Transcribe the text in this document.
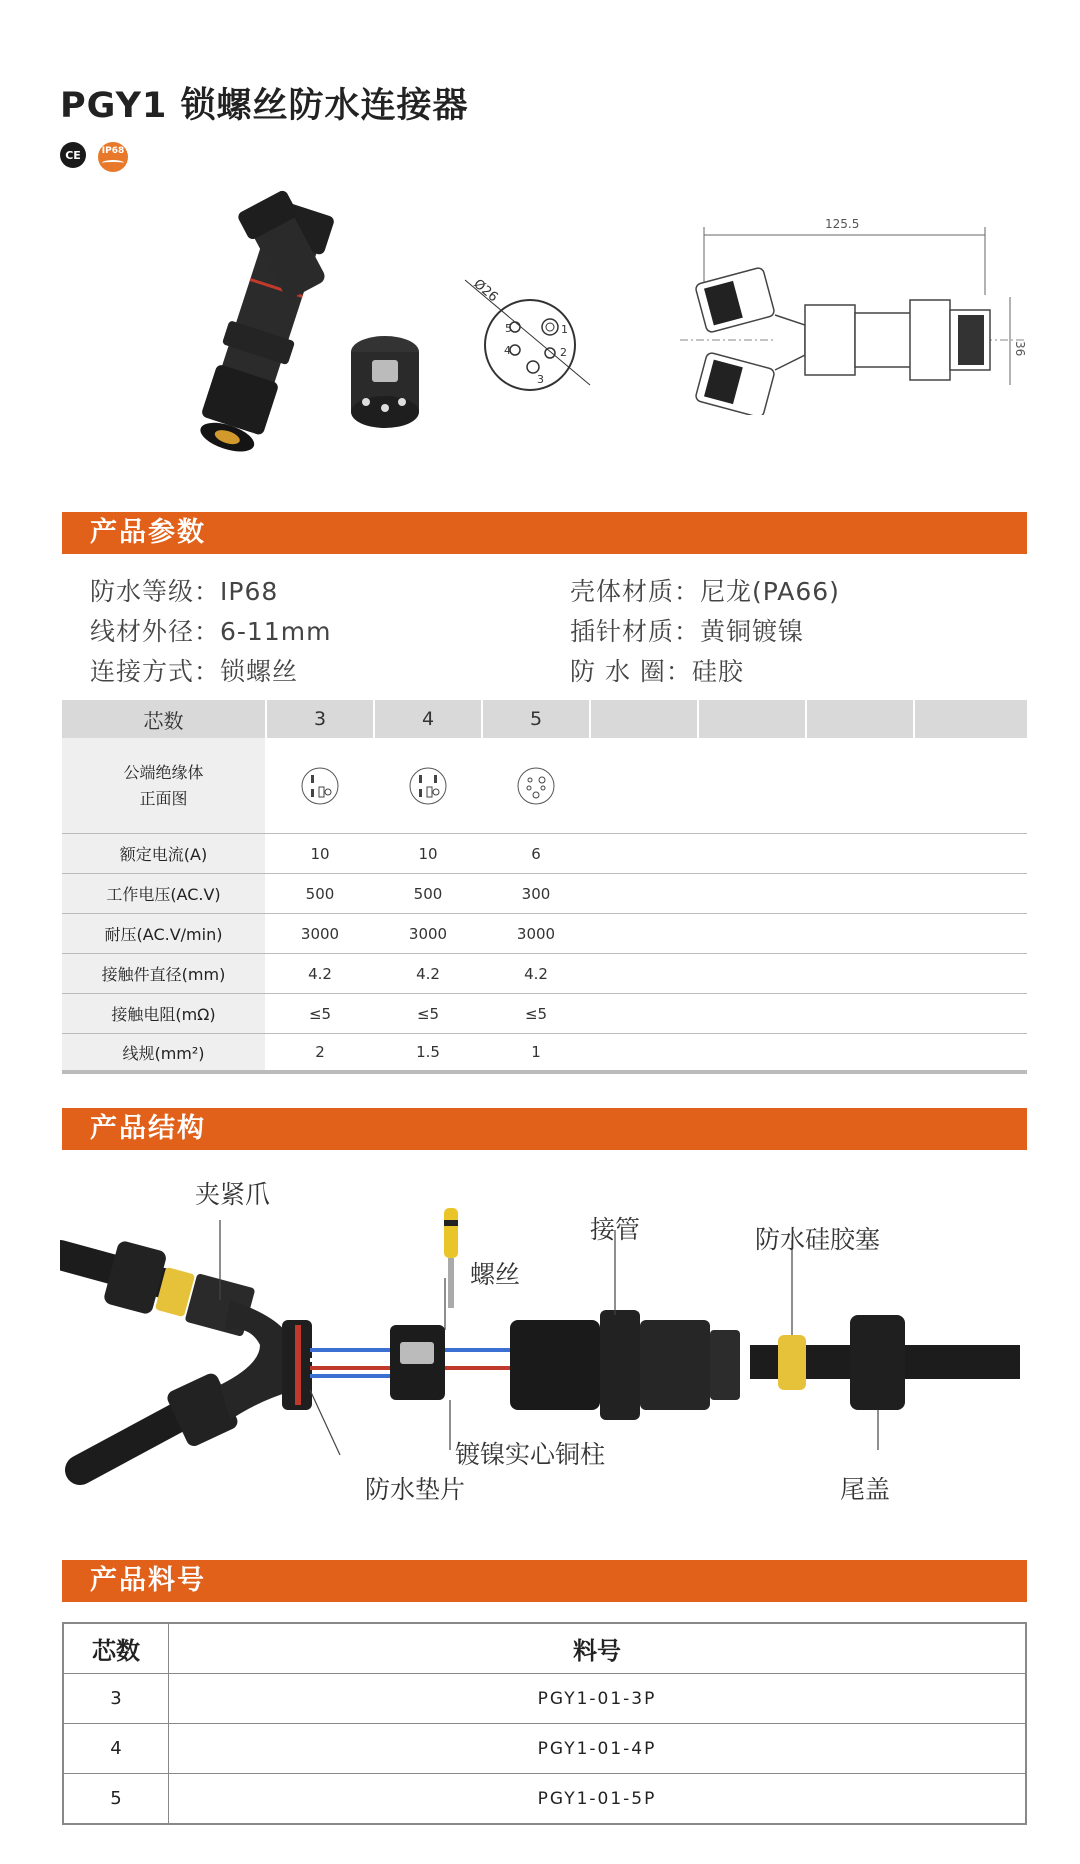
PGY1 锁螺丝防水连接器
CE	IP68
Ø26
5	1
4	2
3
125.5
36
产品参数
防水等级：IP68	壳体材质：尼龙(PA66)
线材外径：6-11mm	插针材质：黄铜镀镍
连接方式：锁螺丝	防 水 圈：硅胶
芯数	3	4	5
公端绝缘体
正面图
额定电流(A)	10	10	6
工作电压(AC.V)	500	500	300
耐压(AC.V/min)	3000	3000	3000
接触件直径(mm)	4.2	4.2	4.2
接触电阻(mΩ)	≤5	≤5	≤5
线规(mm²)	2	1.5	1
产品结构
夹紧爪
螺丝
接管	防水硅胶塞
镀镍实心铜柱
防水垫片	尾盖
产品料号
芯数	料号
3	PGY1-01-3P
4	PGY1-01-4P
5	PGY1-01-5P
